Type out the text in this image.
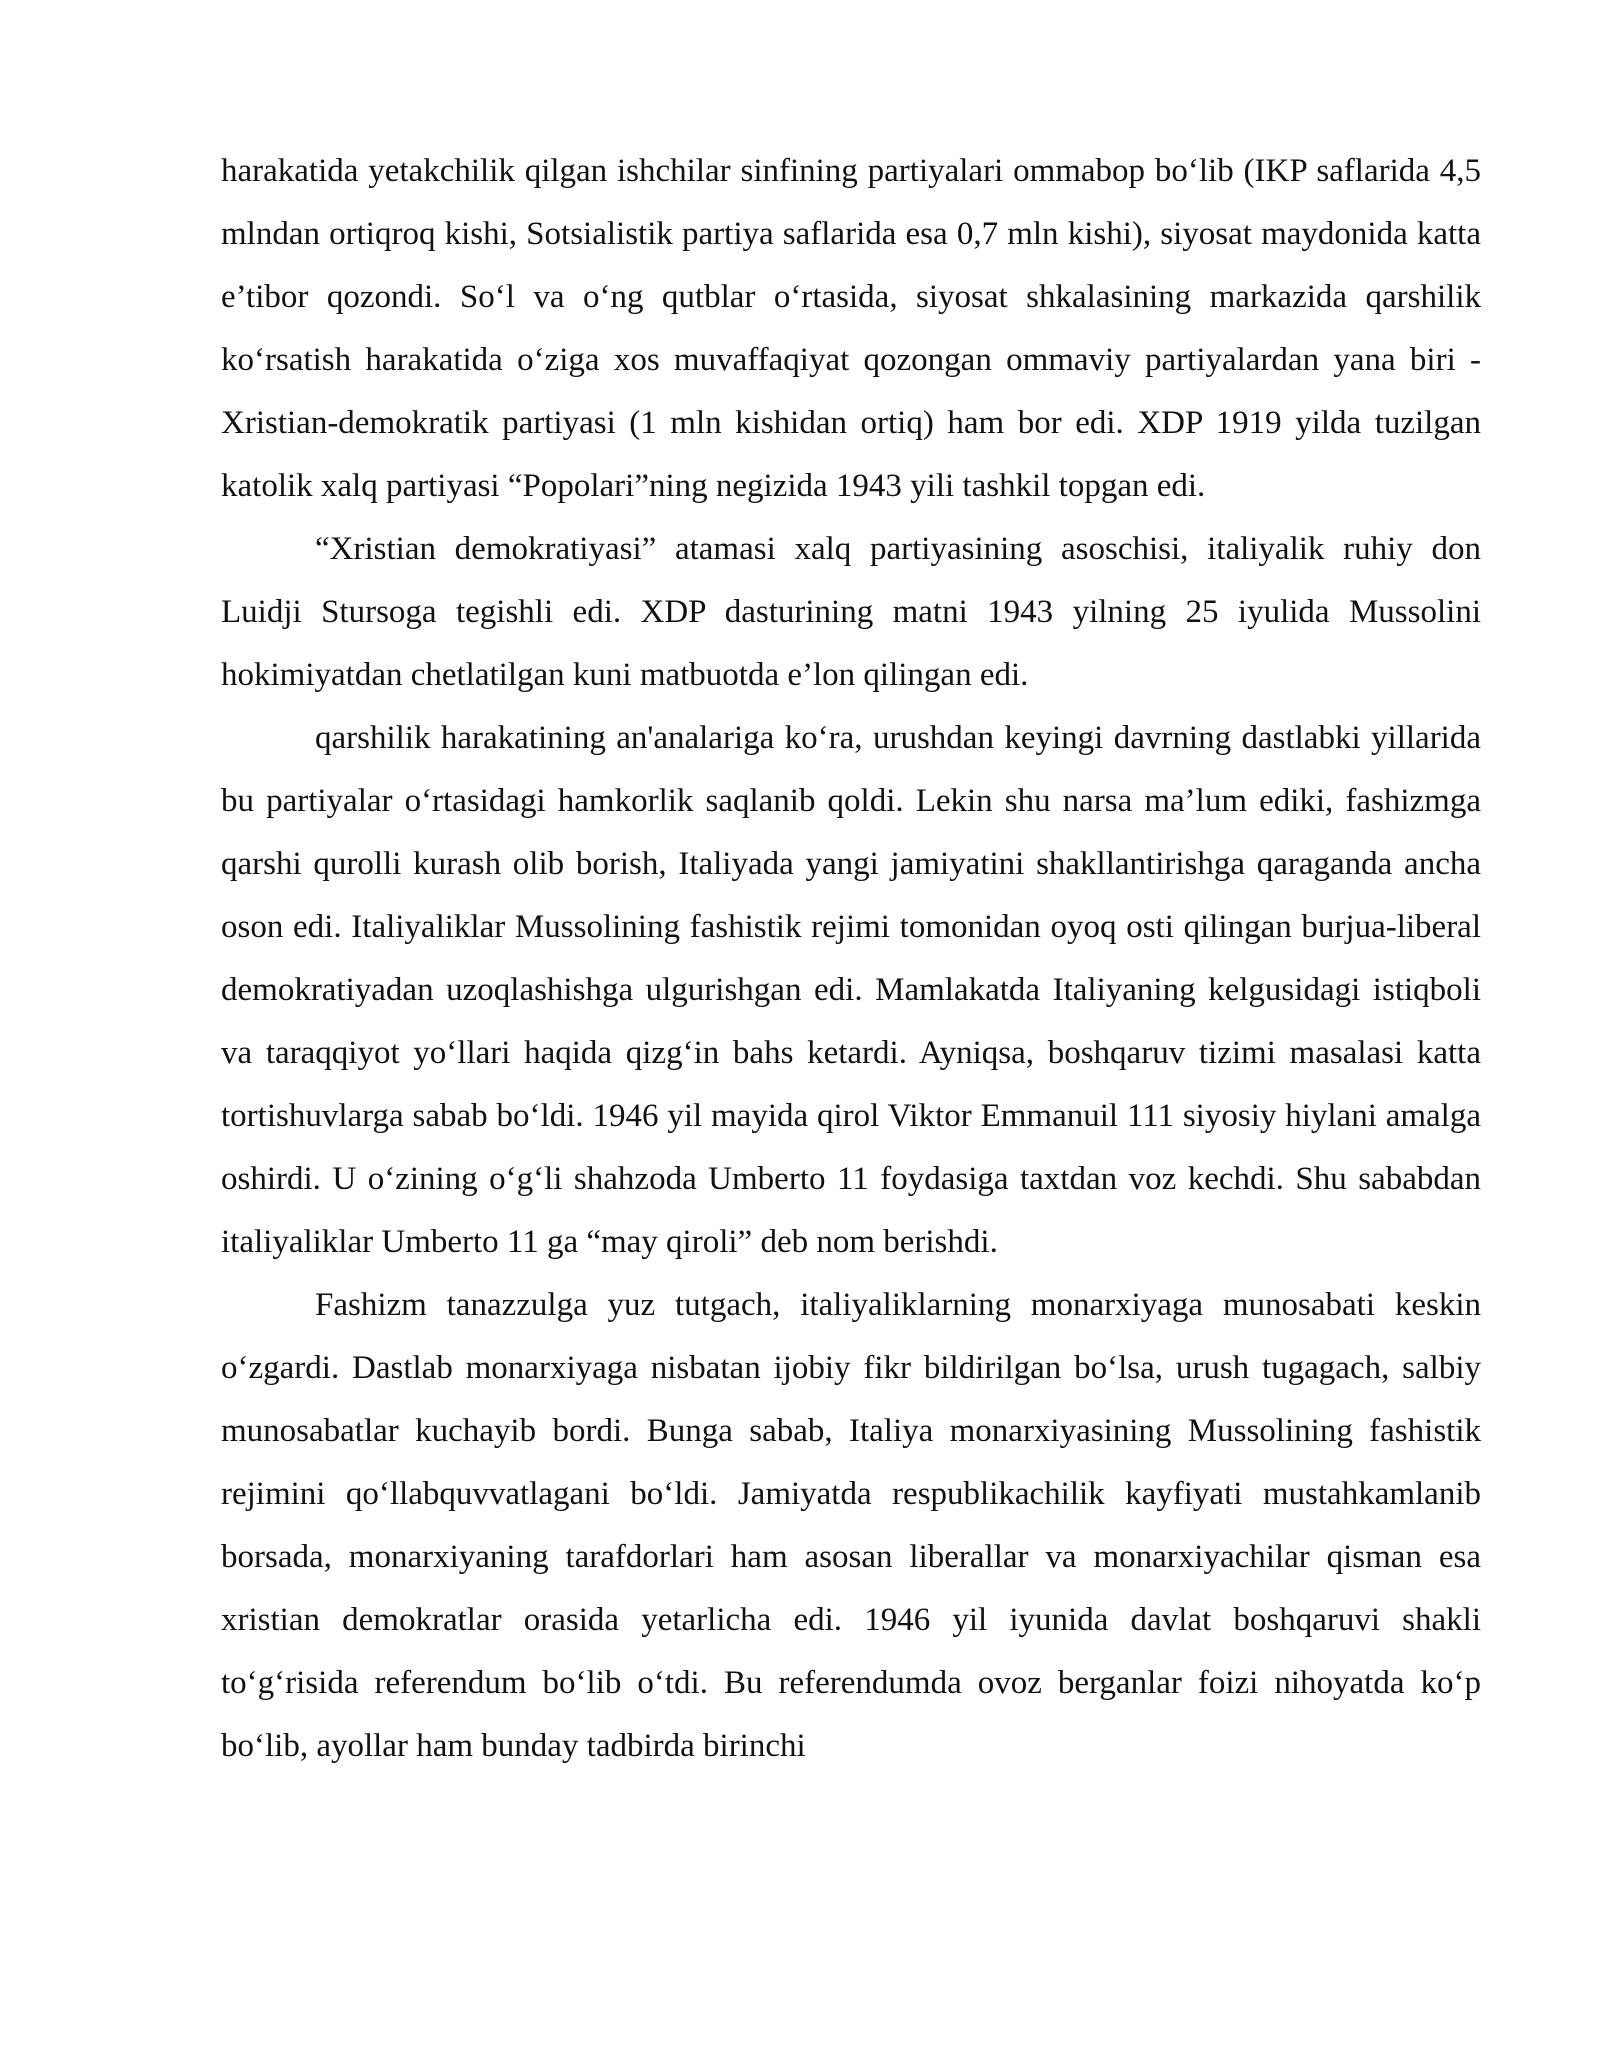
harakatida yetakchilik qilgan ishchilar sinfining partiyalari ommabop bo‘lib (IKP saflarida 4,5 mlndan ortiqroq kishi, Sotsialistik partiya saflarida esa 0,7 mln kishi), siyosat maydonida katta e’tibor qozondi. So‘l va o‘ng qutblar o‘rtasida, siyosat shkalasining markazida qarshilik ko‘rsatish harakatida o‘ziga xos muvaffaqiyat qozongan ommaviy partiyalardan yana biri - Xristian-demokratik partiyasi (1 mln kishidan ortiq) ham bor edi. XDP 1919 yilda tuzilgan katolik xalq partiyasi “Popolari”ning negizida 1943 yili tashkil topgan edi.

“Xristian demokratiyasi” atamasi xalq partiyasining asoschisi, italiyalik ruhiy don Luidji Stursoga tegishli edi. XDP dasturining matni 1943 yilning 25 iyulida Mussolini hokimiyatdan chetlatilgan kuni matbuotda e’lon qilingan edi.

qarshilik harakatining an'analariga ko‘ra, urushdan keyingi davrning dastlabki yillarida bu partiyalar o‘rtasidagi hamkorlik saqlanib qoldi. Lekin shu narsa ma’lum ediki, fashizmga qarshi qurolli kurash olib borish, Italiyada yangi jamiyatini shakllantirishga qaraganda ancha oson edi. Italiyaliklar Mussolining fashistik rejimi tomonidan oyoq osti qilingan burjua-liberal demokratiyadan uzoqlashishga ulgurishgan edi. Mamlakatda Italiyaning kelgusidagi istiqboli va taraqqiyot yo‘llari haqida qizg‘in bahs ketardi. Ayniqsa, boshqaruv tizimi masalasi katta tortishuvlarga sabab bo‘ldi. 1946 yil mayida qirol Viktor Emmanuil 111 siyosiy hiylani amalga oshirdi. U o‘zining o‘g‘li shahzoda Umberto 11 foydasiga taxtdan voz kechdi. Shu sababdan italiyaliklar Umberto 11 ga “may qiroli” deb nom berishdi.

Fashizm tanazzulga yuz tutgach, italiyaliklarning monarxiyaga munosabati keskin o‘zgardi. Dastlab monarxiyaga nisbatan ijobiy fikr bildirilgan bo‘lsa, urush tugagach, salbiy munosabatlar kuchayib bordi. Bunga sabab, Italiya monarxiyasining Mussolining fashistik rejimini qo‘llabquvvatlagani bo‘ldi. Jamiyatda respublikachilik kayfiyati mustahkamlanib borsada, monarxiyaning tarafdorlari ham asosan liberallar va monarxiyachilar qisman esa xristian demokratlar orasida yetarlicha edi. 1946 yil iyunida davlat boshqaruvi shakli to‘g‘risida referendum bo‘lib o‘tdi. Bu referendumda ovoz berganlar foizi nihoyatda ko‘p bo‘lib, ayollar ham bunday tadbirda birinchi
